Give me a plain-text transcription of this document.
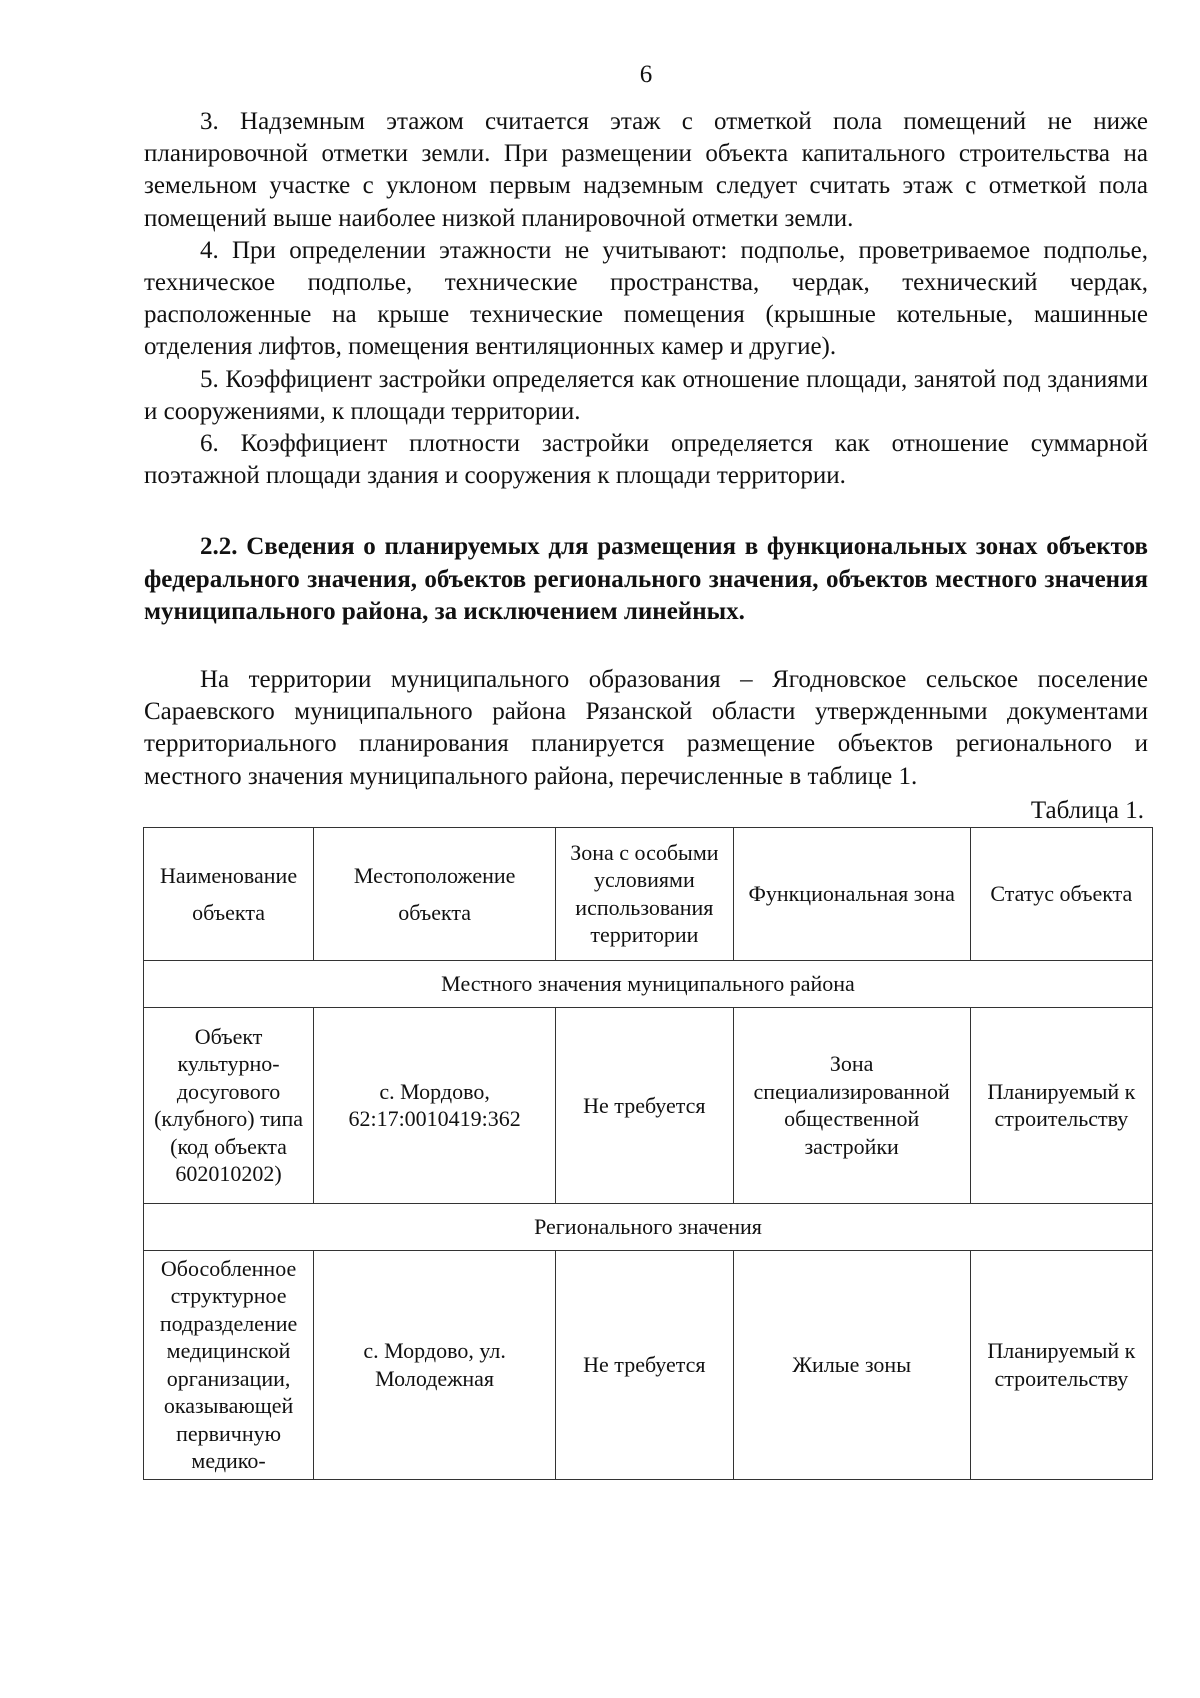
6

3. Надземным этажом считается этаж с отметкой пола помещений не ниже планировочной отметки земли. При размещении объекта капитального строительства на земельном участке с уклоном первым надземным следует считать этаж с отметкой пола помещений выше наиболее низкой планировочной отметки земли.

4. При определении этажности не учитывают: подполье, проветриваемое подполье, техническое подполье, технические пространства, чердак, технический чердак, расположенные на крыше технические помещения (крышные котельные, машинные отделения лифтов, помещения вентиляционных камер и другие).

5. Коэффициент застройки определяется как отношение площади, занятой под зданиями и сооружениями, к площади территории.

6. Коэффициент плотности застройки определяется как отношение суммарной поэтажной площади здания и сооружения к площади территории.

2.2. Сведения о планируемых для размещения в функциональных зонах объектов федерального значения, объектов регионального значения, объектов местного значения муниципального района, за исключением линейных.

На территории муниципального образования – Ягодновское сельское поселение Сараевского муниципального района Рязанской области утвержденными документами территориального планирования планируется размещение объектов регионального и местного значения муниципального района, перечисленные в таблице 1.

Таблица 1.
Наименование объекта	Местоположение объекта	Зона с особыми условиями использования территории	Функциональная зона	Статус объекта
Местного значения муниципального района				
Объект культурно-досугового (клубного) типа (код объекта 602010202)	с. Мордово, 62:17:0010419:362	Не требуется	Зона специализированной общественной застройки	Планируемый к строительству
Регионального значения				

Обособленное структурное подразделение медицинской организации, оказывающей первичную медико-	с. Мордово, ул. Молодежная	Не требуется	Жилые зоны	Планируемый к строительству
